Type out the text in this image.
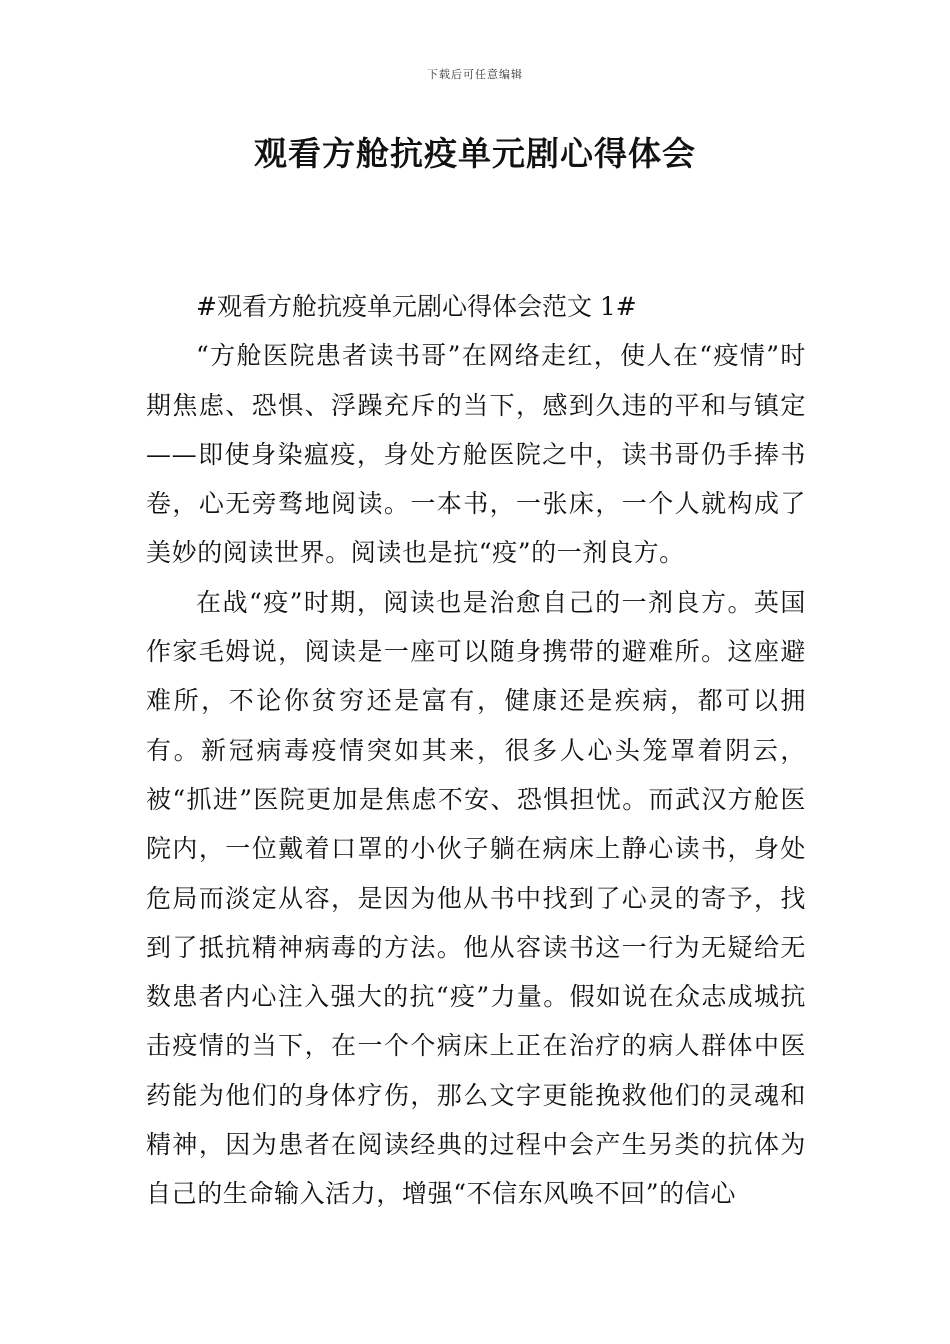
下载后可任意编辑
观看方舱抗疫单元剧心得体会

#观看方舱抗疫单元剧心得体会范文 1#

“方舱医院患者读书哥”在网络走红，使人在“疫情”时期焦虑、恐惧、浮躁充斥的当下，感到久违的平和与镇定——即使身染瘟疫，身处方舱医院之中，读书哥仍手捧书卷，心无旁骛地阅读。一本书，一张床，一个人就构成了美妙的阅读世界。阅读也是抗“疫”的一剂良方。

在战“疫”时期，阅读也是治愈自己的一剂良方。英国作家毛姆说，阅读是一座可以随身携带的避难所。这座避难所，不论你贫穷还是富有，健康还是疾病，都可以拥有。新冠病毒疫情突如其来，很多人心头笼罩着阴云，被“抓进”医院更加是焦虑不安、恐惧担忧。而武汉方舱医院内，一位戴着口罩的小伙子躺在病床上静心读书，身处危局而淡定从容，是因为他从书中找到了心灵的寄予，找到了抵抗精神病毒的方法。他从容读书这一行为无疑给无数患者内心注入强大的抗“疫”力量。假如说在众志成城抗击疫情的当下，在一个个病床上正在治疗的病人群体中医药能为他们的身体疗伤，那么文字更能挽救他们的灵魂和精神，因为患者在阅读经典的过程中会产生另类的抗体为自己的生命输入活力，增强“不信东风唤不回”的信心
